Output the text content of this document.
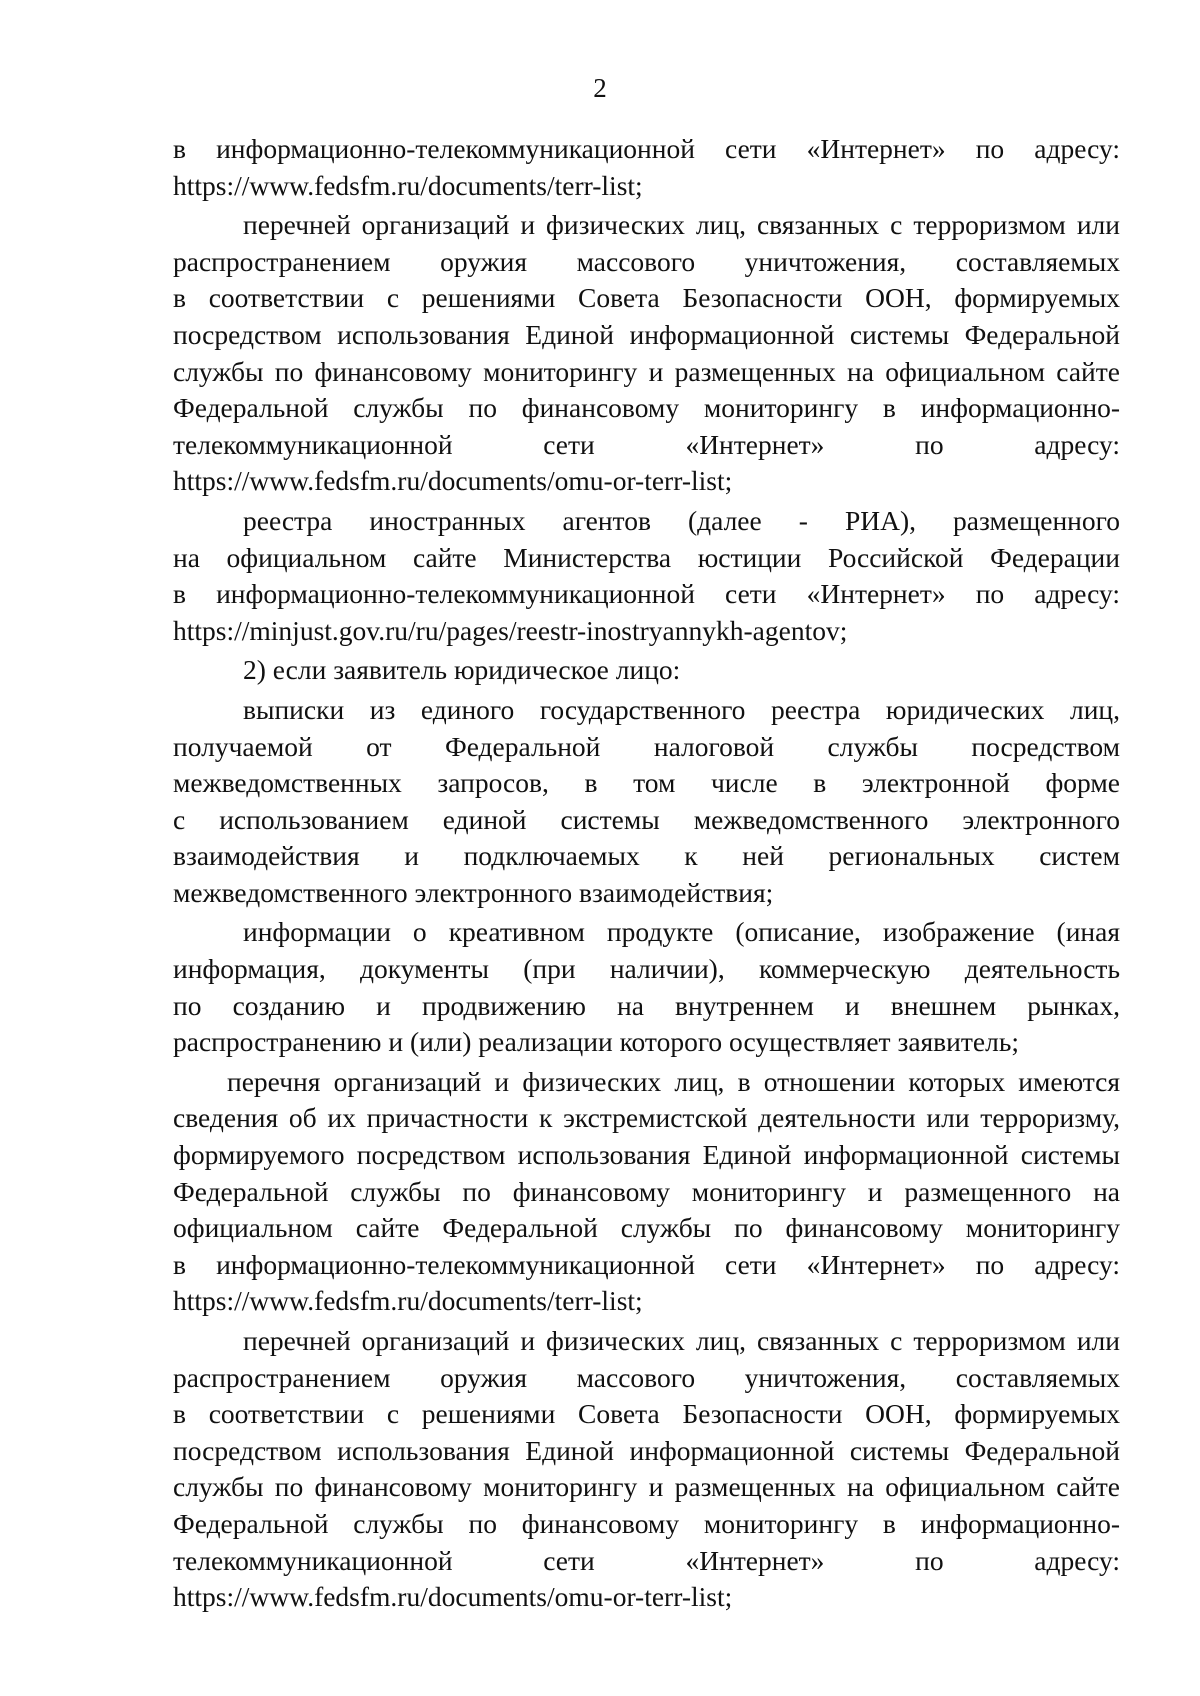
2
в информационно-телекоммуникационной сети «Интернет» по адресу:
https://www.fedsfm.ru/documents/terr-list;
перечней организаций и физических лиц, связанных с терроризмом или
распространением оружия массового уничтожения, составляемых
в соответствии с решениями Совета Безопасности ООН, формируемых
посредством использования Единой информационной системы Федеральной
службы по финансовому мониторингу и размещенных на официальном сайте
Федеральной службы по финансовому мониторингу в информационно-
телекоммуникационной сети «Интернет» по адресу:
https://www.fedsfm.ru/documents/omu-or-terr-list;
реестра иностранных агентов (далее - РИА), размещенного
на официальном сайте Министерства юстиции Российской Федерации
в информационно-телекоммуникационной сети «Интернет» по адресу:
https://minjust.gov.ru/ru/pages/reestr-inostryannykh-agentov;
2) если заявитель юридическое лицо:
выписки из единого государственного реестра юридических лиц,
получаемой от Федеральной налоговой службы посредством
межведомственных запросов, в том числе в электронной форме
с использованием единой системы межведомственного электронного
взаимодействия и подключаемых к ней региональных систем
межведомственного электронного взаимодействия;
информации о креативном продукте (описание, изображение (иная
информация, документы (при наличии), коммерческую деятельность
по созданию и продвижению на внутреннем и внешнем рынках,
распространению и (или) реализации которого осуществляет заявитель;
перечня организаций и физических лиц, в отношении которых имеются
сведения об их причастности к экстремистской деятельности или терроризму,
формируемого посредством использования Единой информационной системы
Федеральной службы по финансовому мониторингу и размещенного на
официальном сайте Федеральной службы по финансовому мониторингу
в информационно-телекоммуникационной сети «Интернет» по адресу:
https://www.fedsfm.ru/documents/terr-list;
перечней организаций и физических лиц, связанных с терроризмом или
распространением оружия массового уничтожения, составляемых
в соответствии с решениями Совета Безопасности ООН, формируемых
посредством использования Единой информационной системы Федеральной
службы по финансовому мониторингу и размещенных на официальном сайте
Федеральной службы по финансовому мониторингу в информационно-
телекоммуникационной сети «Интернет» по адресу:
https://www.fedsfm.ru/documents/omu-or-terr-list;
